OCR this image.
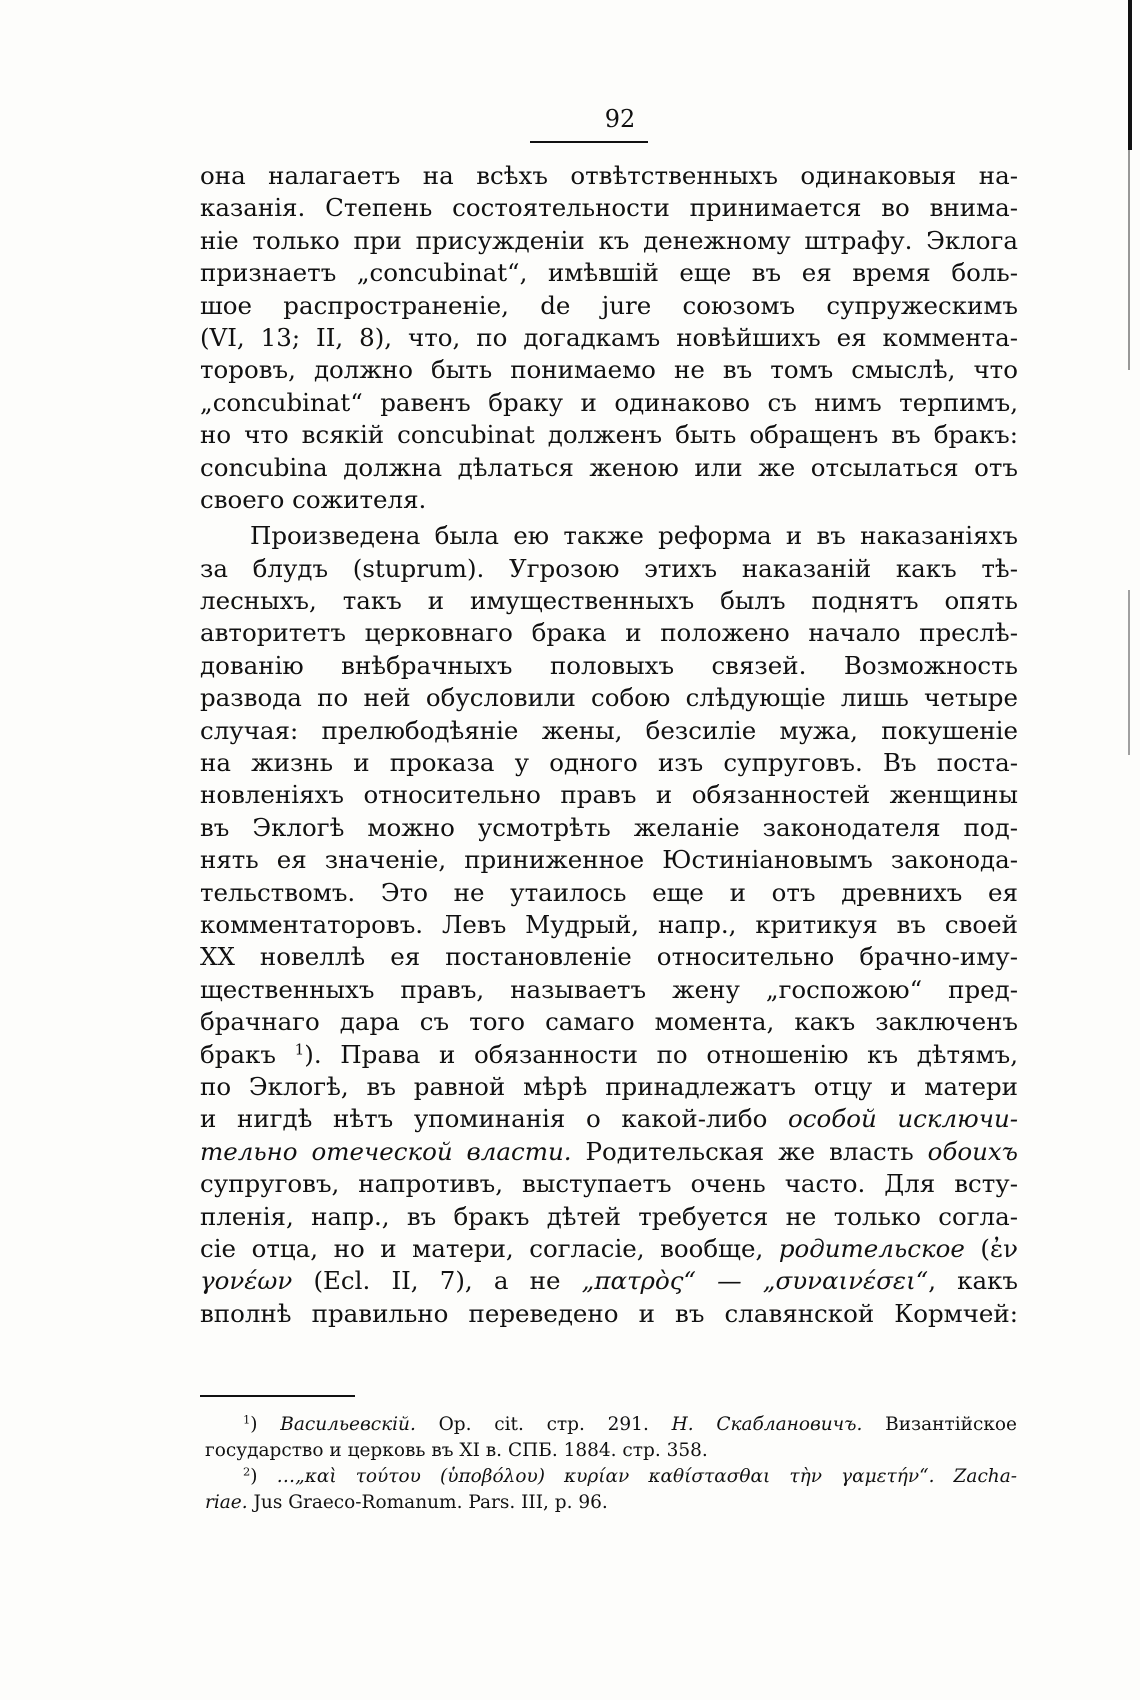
92
она налагаетъ на всѣхъ отвѣтственныхъ одинаковыя на-
казанія. Степень состоятельности принимается во внима-
ніе только при присужденіи къ денежному штрафу. Эклога
признаетъ „concubinat“, имѣвшій еще въ ея время боль-
шое распространеніе, de jure союзомъ супружескимъ
(VI, 13; II, 8), что, по догадкамъ новѣйшихъ ея коммента-
торовъ, должно быть понимаемо не въ томъ смыслѣ, что
„concubinat“ равенъ браку и одинаково съ нимъ терпимъ,
но что всякій concubinat долженъ быть обращенъ въ бракъ:
concubina должна дѣлаться женою или же отсылаться отъ
своего сожителя.
Произведена была ею также реформа и въ наказаніяхъ
за блудъ (stuprum). Угрозою этихъ наказаній какъ тѣ-
лесныхъ, такъ и имущественныхъ былъ поднятъ опять
авторитетъ церковнаго брака и положено начало преслѣ-
дованію внѣбрачныхъ половыхъ связей. Возможность
развода по ней обусловили собою слѣдующіе лишь четыре
случая: прелюбодѣяніе жены, безсиліе мужа, покушеніе
на жизнь и проказа у одного изъ супруговъ. Въ поста-
новленіяхъ относительно правъ и обязанностей женщины
въ Эклогѣ можно усмотрѣть желаніе законодателя под-
нять ея значеніе, приниженное Юстиніановымъ законода-
тельствомъ. Это не утаилось еще и отъ древнихъ ея
комментаторовъ. Левъ Мудрый, напр., критикуя въ своей
XX новеллѣ ея постановленіе относительно брачно-иму-
щественныхъ правъ, называетъ жену „госпожою“ пред-
брачнаго дара съ того самаго момента, какъ заключенъ
бракъ $^1$). Права и обязанности по отношенію къ дѣтямъ,
по Эклогѣ, въ равной мѣрѣ принадлежатъ отцу и матери
и нигдѣ нѣтъ упоминанія о какой-либо особой исключи-
тельно отеческой власти. Родительская же власть обоихъ
супруговъ, напротивъ, выступаетъ очень часто. Для всту-
пленія, напр., въ бракъ дѣтей требуется не только согла-
сіе отца, но и матери, согласіе, вообще, родительское (ἐν
γονέων (Ecl. II, 7), а не „πατρὸς“ — „συναινέσει“, какъ
вполнѣ правильно переведено и въ славянской Кормчей:
$^1$) Васильевскій. Op. cit. стр. 291. Н. Скаблановичъ. Византійское
государство и церковь въ XI в. СПБ. 1884. стр. 358.
$^2$) …„καὶ τούτου (ὑποβόλου) κυρίαν καθίστασθαι τὴν γαμετήν“. Zacha-
riae. Jus Graeco-Romanum. Pars. III, p. 96.
